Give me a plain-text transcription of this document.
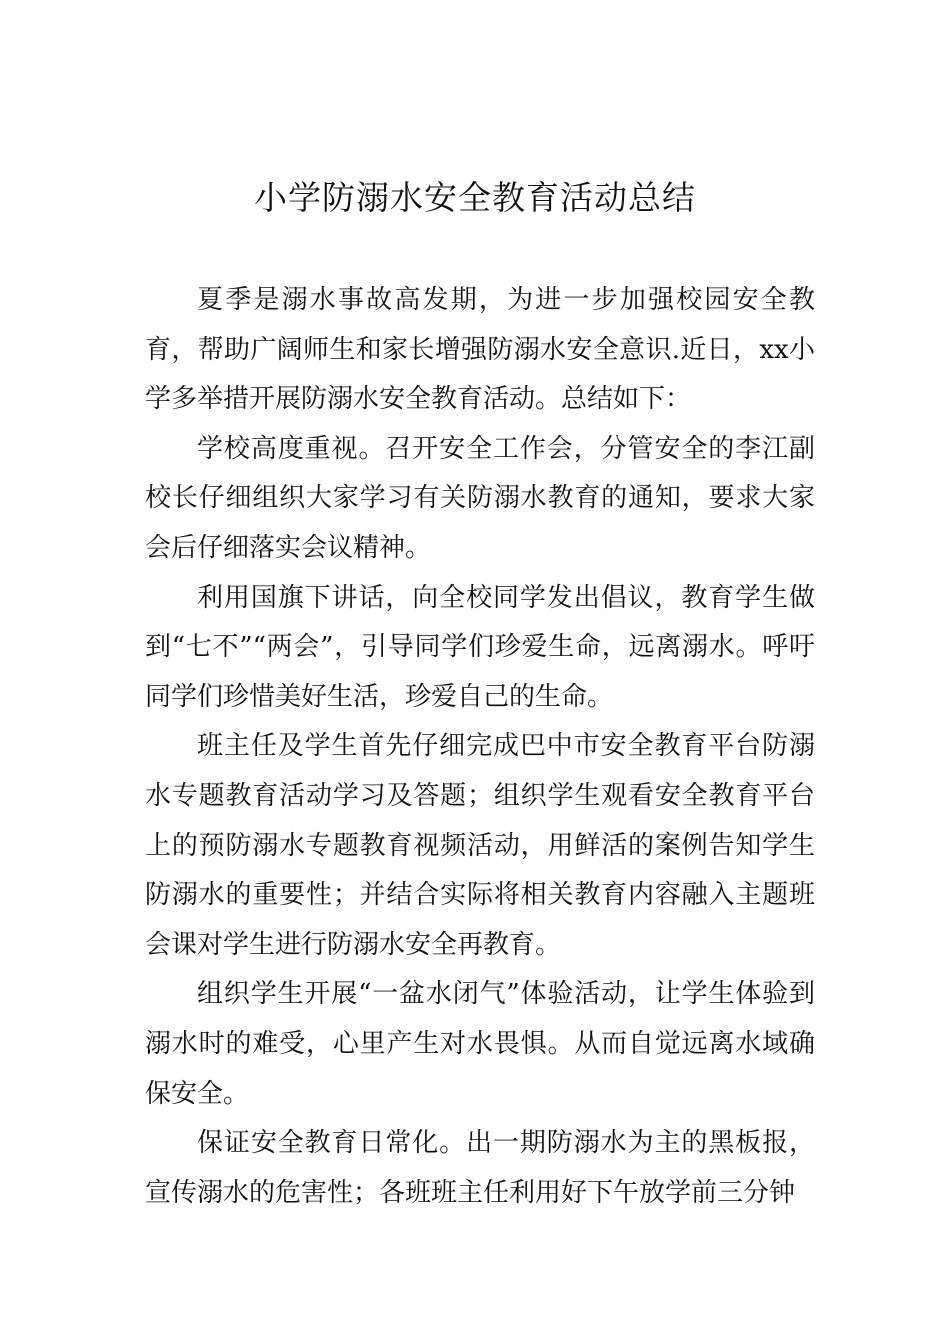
小学防溺水安全教育活动总结

夏季是溺水事故高发期，为进一步加强校园安全教育，帮助广阔师生和家长增强防溺水安全意识.近日，xx小学多举措开展防溺水安全教育活动。总结如下：

学校高度重视。召开安全工作会，分管安全的李江副校长仔细组织大家学习有关防溺水教育的通知，要求大家会后仔细落实会议精神。

利用国旗下讲话，向全校同学发出倡议，教育学生做到“七不”“两会”，引导同学们珍爱生命，远离溺水。呼吁同学们珍惜美好生活，珍爱自己的生命。

班主任及学生首先仔细完成巴中市安全教育平台防溺水专题教育活动学习及答题；组织学生观看安全教育平台上的预防溺水专题教育视频活动，用鲜活的案例告知学生防溺水的重要性；并结合实际将相关教育内容融入主题班会课对学生进行防溺水安全再教育。

组织学生开展“一盆水闭气”体验活动，让学生体验到溺水时的难受，心里产生对水畏惧。从而自觉远离水域确保安全。

保证安全教育日常化。出一期防溺水为主的黑板报，宣传溺水的危害性；各班班主任利用好下午放学前三分钟
